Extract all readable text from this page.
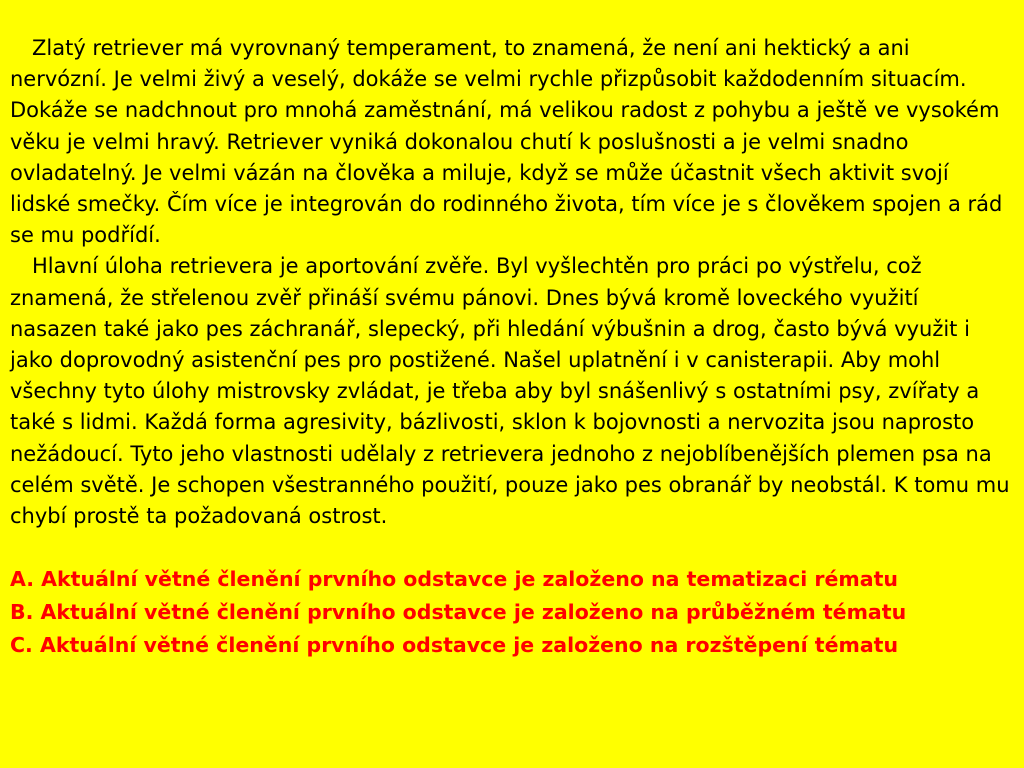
Zlatý retriever má vyrovnaný temperament, to znamená, že není ani hektický a ani nervózní. Je velmi živý a veselý, dokáže se velmi rychle přizpůsobit každodenním situacím. Dokáže se nadchnout pro mnohá zaměstnání, má velikou radost z pohybu a ještě ve vysokém věku je velmi hravý. Retriever vyniká dokonalou chutí k poslušnosti a je velmi snadno ovladatelný. Je velmi vázán na člověka a miluje, když se může účastnit všech aktivit svojí lidské smečky. Čím více je integrován do rodinného života, tím více je s člověkem spojen a rád se mu podřídí.

Hlavní úloha retrievera je aportování zvěře. Byl vyšlechtěn pro práci po výstřelu, což znamená, že střelenou zvěř přináší svému pánovi. Dnes bývá kromě loveckého využití nasazen také jako pes záchranář, slepecký, při hledání výbušnin a drog, často bývá využit i jako doprovodný asistenční pes pro postižené. Našel uplatnění i v canisterapii. Aby mohl všechny tyto úlohy mistrovsky zvládat, je třeba aby byl snášenlivý s ostatními psy, zvířaty a také s lidmi. Každá forma agresivity, bázlivosti, sklon k bojovnosti a nervozita jsou naprosto nežádoucí. Tyto jeho vlastnosti udělaly z retrievera jednoho z nejoblíbenějších plemen psa na celém světě. Je schopen všestranného použití, pouze jako pes obranář by neobstál. K tomu mu chybí prostě ta požadovaná ostrost.

A. Aktuální větné členění prvního odstavce je založeno na tematizaci rématu

B. Aktuální větné členění prvního odstavce je založeno na průběžném tématu

C. Aktuální větné členění prvního odstavce je založeno na rozštěpení tématu
